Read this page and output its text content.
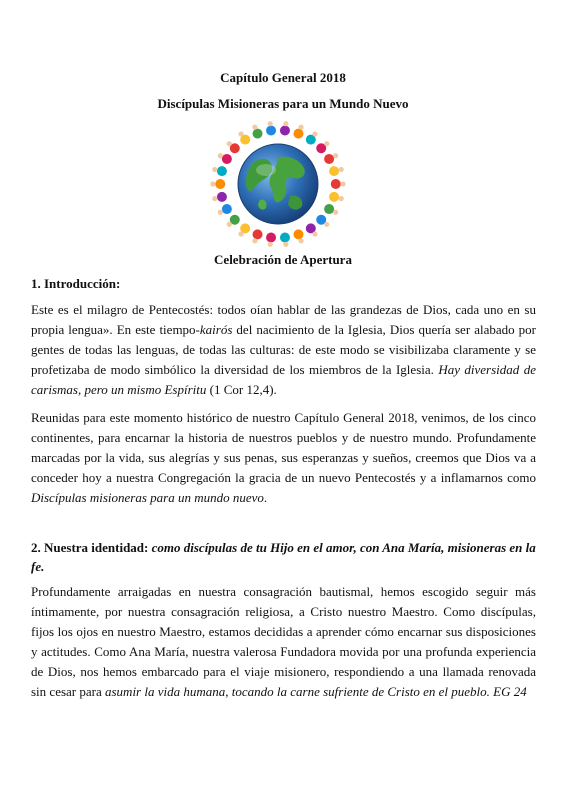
Capítulo General 2018
Discípulas Misioneras para un Mundo Nuevo
Celebración de Apertura
1. Introducción:

Este es el milagro de Pentecostés: todos oían hablar de las grandezas de Dios, cada uno en su propia lengua». En este tiempo-kairós del nacimiento de la Iglesia, Dios quería ser alabado por gentes de todas las lenguas, de todas las culturas: de este modo se visibilizaba claramente y se profetizaba de modo simbólico la diversidad de los miembros de la Iglesia. Hay diversidad de carismas, pero un mismo Espíritu (1 Cor 12,4).

Reunidas para este momento histórico de nuestro Capítulo General 2018, venimos, de los cinco continentes, para encarnar la historia de nuestros pueblos y de nuestro mundo. Profundamente marcadas por la vida, sus alegrías y sus penas, sus esperanzas y sueños, creemos que Dios va a conceder hoy a nuestra Congregación la gracia de un nuevo Pentecostés y a inflamarnos como Discípulas misioneras para un mundo nuevo.

2. Nuestra identidad: como discípulas de tu Hijo en el amor, con Ana María, misioneras en la fe.

Profundamente arraigadas en nuestra consagración bautismal, hemos escogido seguir más íntimamente, por nuestra consagración religiosa, a Cristo nuestro Maestro. Como discípulas, fijos los ojos en nuestro Maestro, estamos decididas a aprender cómo encarnar sus disposiciones y actitudes. Como Ana María, nuestra valerosa Fundadora movida por una profunda experiencia de Dios, nos hemos embarcado para el viaje misionero, respondiendo a una llamada renovada sin cesar para asumir la vida humana, tocando la carne sufriente de Cristo en el pueblo. EG 24
